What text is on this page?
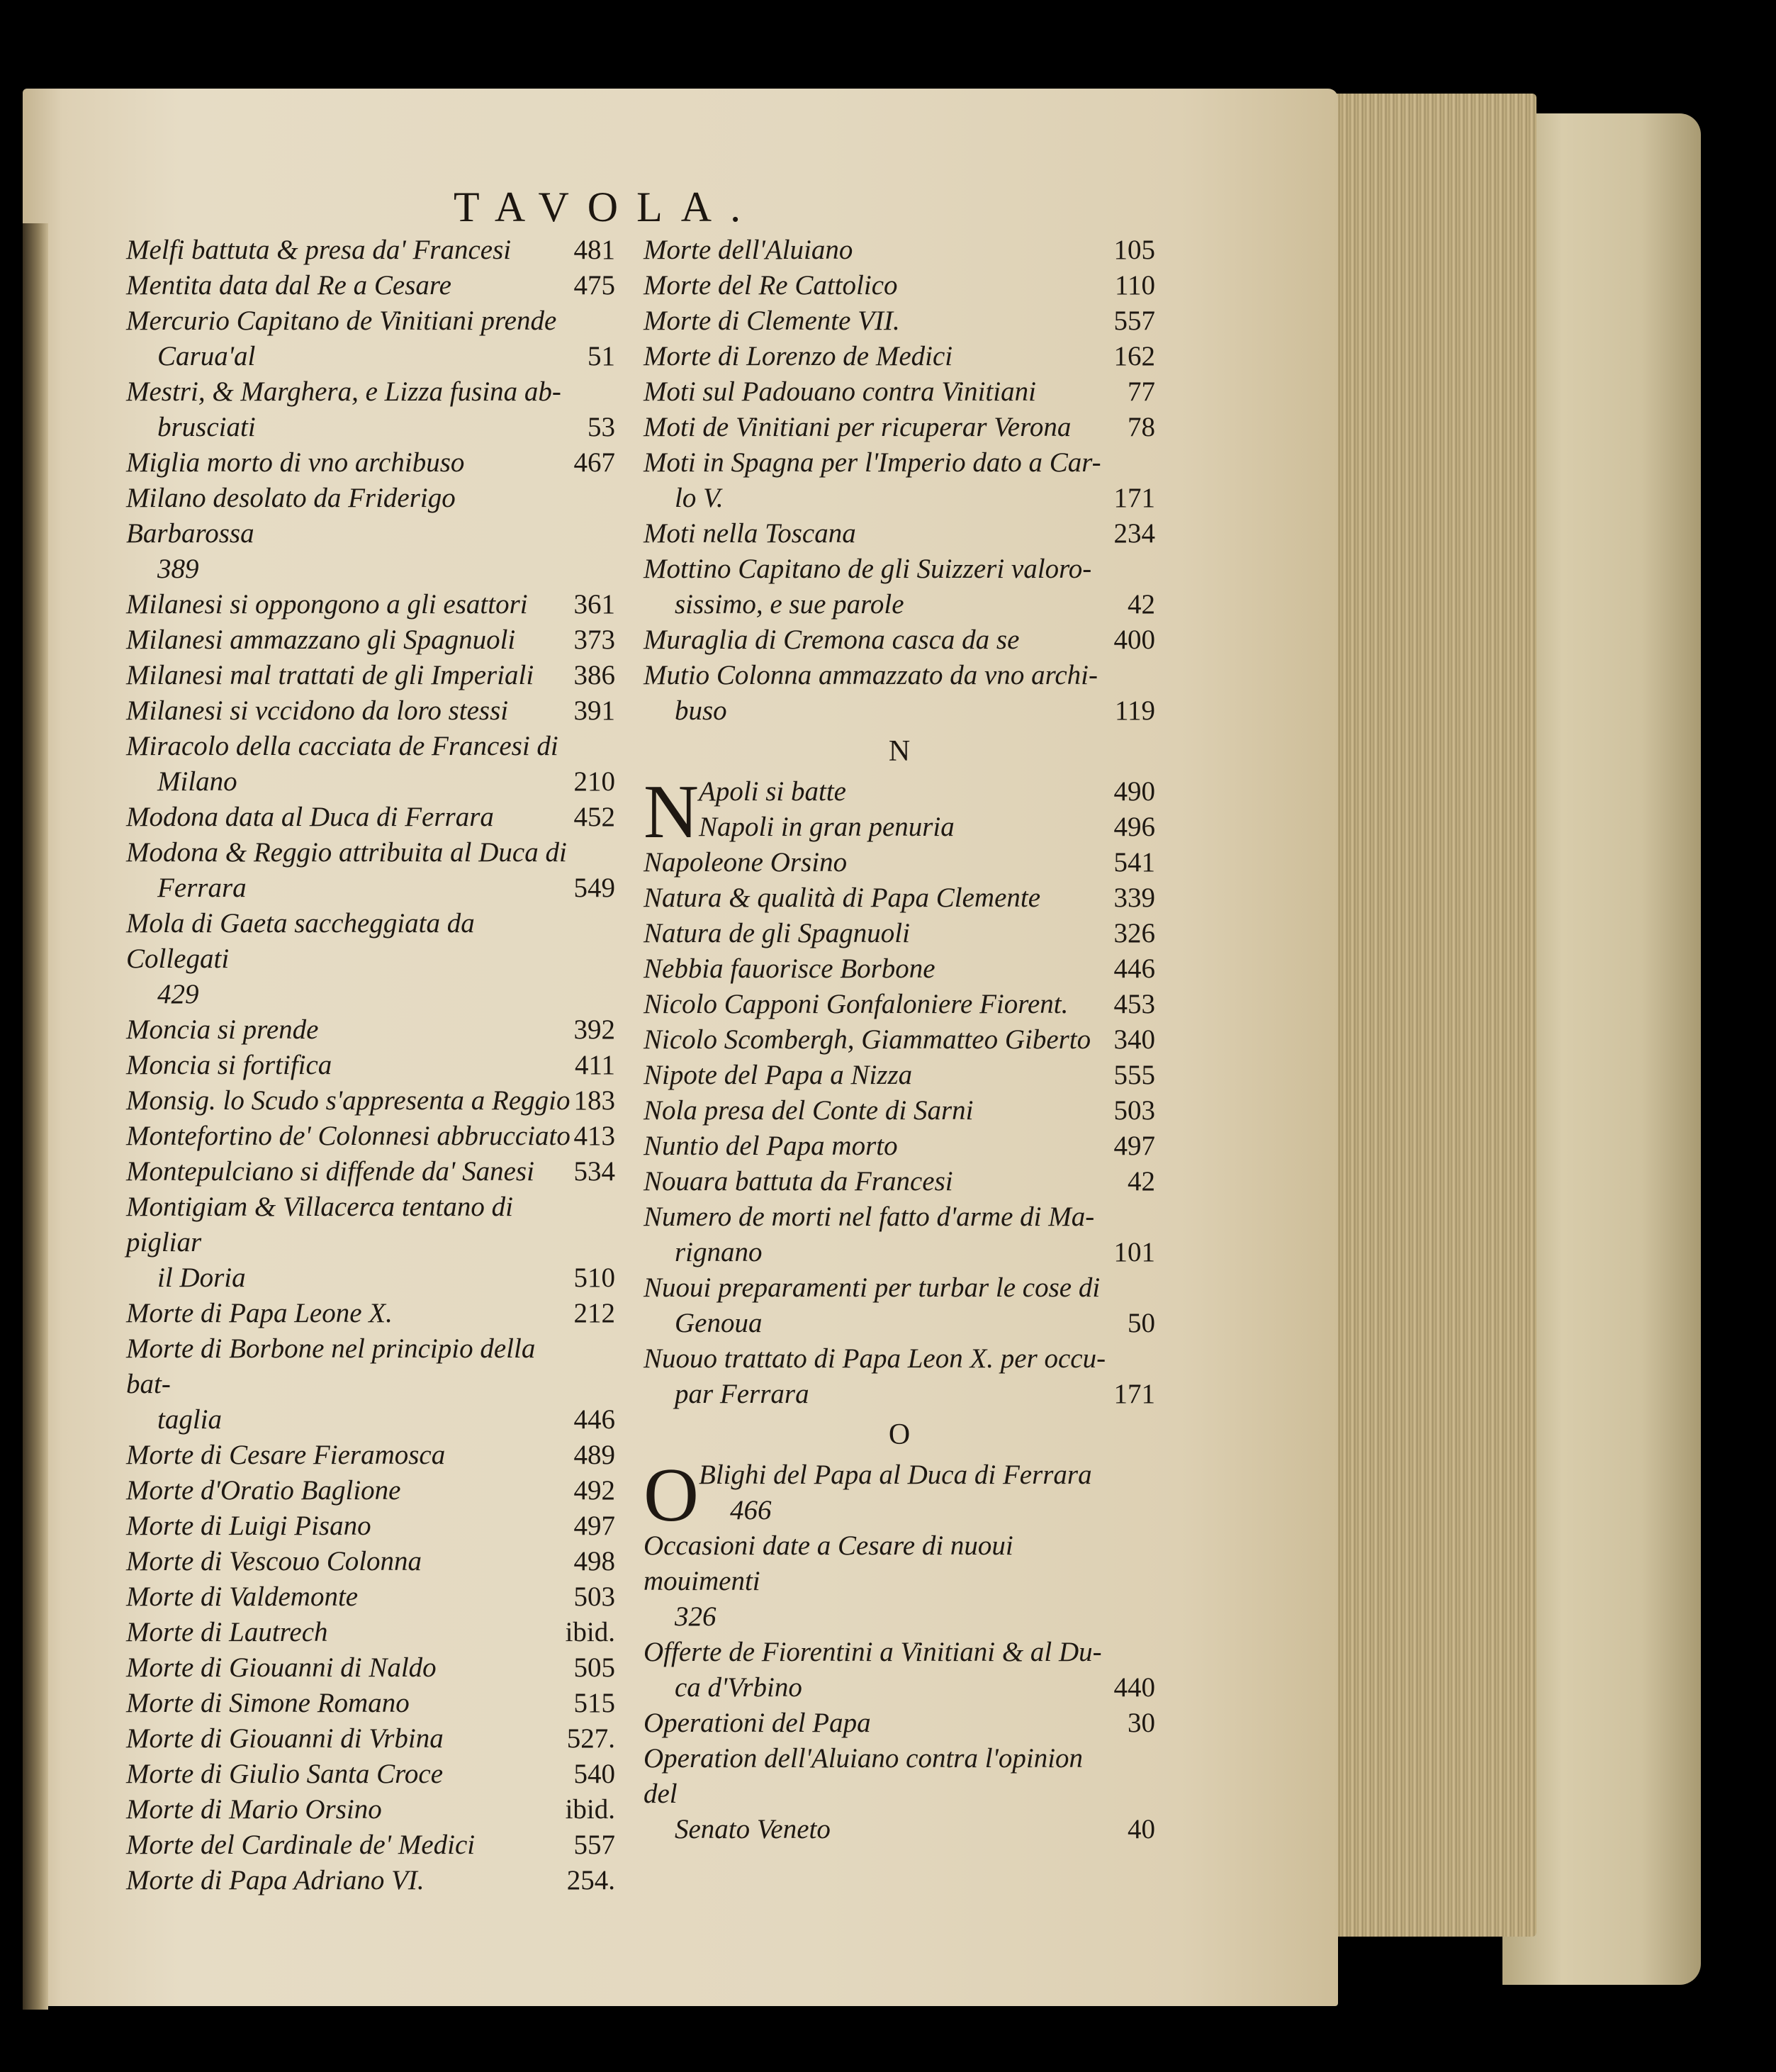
TAVOLA.
Melfi battuta & presa da' Francesi	481
Mentita data dal Re a Cesare	475
Mercurio Capitano de Vinitiani prende
Carua'al	51
Mestri, & Marghera, e Lizza fusina ab-
brusciati	53
Miglia morto di vno archibuso	467
Milano desolato da Friderigo Barbarossa
389
Milanesi si oppongono a gli esattori	361
Milanesi ammazzano gli Spagnuoli	373
Milanesi mal trattati de gli Imperiali	386
Milanesi si vccidono da loro stessi	391
Miracolo della cacciata de Francesi di
Milano	210
Modona data al Duca di Ferrara	452
Modona & Reggio attribuita al Duca di
Ferrara	549
Mola di Gaeta saccheggiata da Collegati
429
Moncia si prende	392
Moncia si fortifica	411
Monsig. lo Scudo s'appresenta a Reggio 183
Montefortino de' Colonnesi abbrucciato 413
Montepulciano si diffende da' Sanesi	534
Montigiam & Villacerca tentano di pigliar
il Doria	510
Morte di Papa Leone X.	212
Morte di Borbone nel principio della bat-
taglia	446
Morte di Cesare Fieramosca	489
Morte d'Oratio Baglione	492
Morte di Luigi Pisano	497
Morte di Vescouo Colonna	498
Morte di Valdemonte	503
Morte di Lautrech	ibid.
Morte di Giouanni di Naldo	505
Morte di Simone Romano	515
Morte di Giouanni di Vrbina	527.
Morte di Giulio Santa Croce	540
Morte di Mario Orsino	ibid.
Morte del Cardinale de' Medici	557
Morte di Papa Adriano VI.	254.
Morte dell'Aluiano	105
Morte del Re Cattolico	110
Morte di Clemente VII.	557
Morte di Lorenzo de Medici	162
Moti sul Padouano contra Vinitiani	77
Moti de Vinitiani per ricuperar Verona	78
Moti in Spagna per l'Imperio dato a Car-
lo V.	171
Moti nella Toscana	234
Mottino Capitano de gli Suizzeri valoro-
sissimo, e sue parole	42
Muraglia di Cremona casca da se	400
Mutio Colonna ammazzato da vno archi-
buso	119
N
N Apoli si batte	490
Napoli in gran penuria	496
Napoleone Orsino	541
Natura & qualità di Papa Clemente	339
Natura de gli Spagnuoli	326
Nebbia fauorisce Borbone	446
Nicolo Capponi Gonfaloniere Fiorent.	453
Nicolo Scombergh, Giammatteo Giberto 340
Nipote del Papa a Nizza	555
Nola presa del Conte di Sarni	503
Nuntio del Papa morto	497
Nouara battuta da Francesi	42
Numero de morti nel fatto d'arme di Ma-
rignano	101
Nuoui preparamenti per turbar le cose di
Genoua	50
Nuouo trattato di Papa Leon X. per occu-
par Ferrara	171
O
O Blighi del Papa al Duca di Ferrara
466
Occasioni date a Cesare di nuoui mouimenti
326
Offerte de Fiorentini a Vinitiani & al Du-
ca d'Vrbino	440
Operationi del Papa	30
Operation dell'Aluiano contra l'opinion del
Senato Veneto	40
